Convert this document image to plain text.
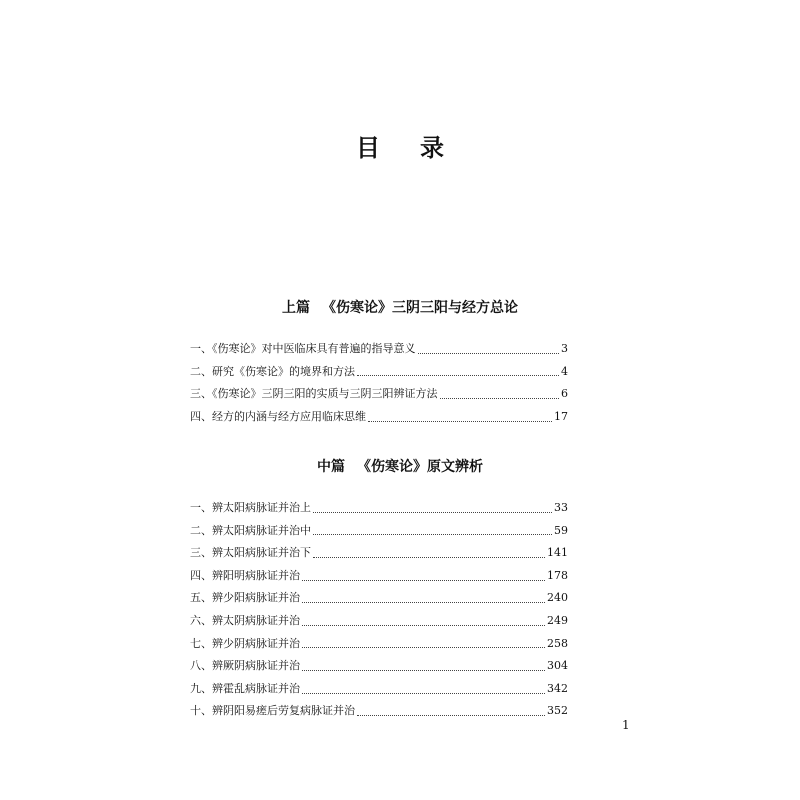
目 录
上篇 《伤寒论》三阴三阳与经方总论
一、《伤寒论》对中医临床具有普遍的指导意义	3
二、研究《伤寒论》的境界和方法	4
三、《伤寒论》三阴三阳的实质与三阴三阳辨证方法	6
四、经方的内涵与经方应用临床思维	17
中篇 《伤寒论》原文辨析
一、辨太阳病脉证并治上	33
二、辨太阳病脉证并治中	59
三、辨太阳病脉证并治下	141
四、辨阳明病脉证并治	178
五、辨少阳病脉证并治	240
六、辨太阴病脉证并治	249
七、辨少阴病脉证并治	258
八、辨厥阴病脉证并治	304
九、辨霍乱病脉证并治	342
十、辨阴阳易瘥后劳复病脉证并治	352
1
